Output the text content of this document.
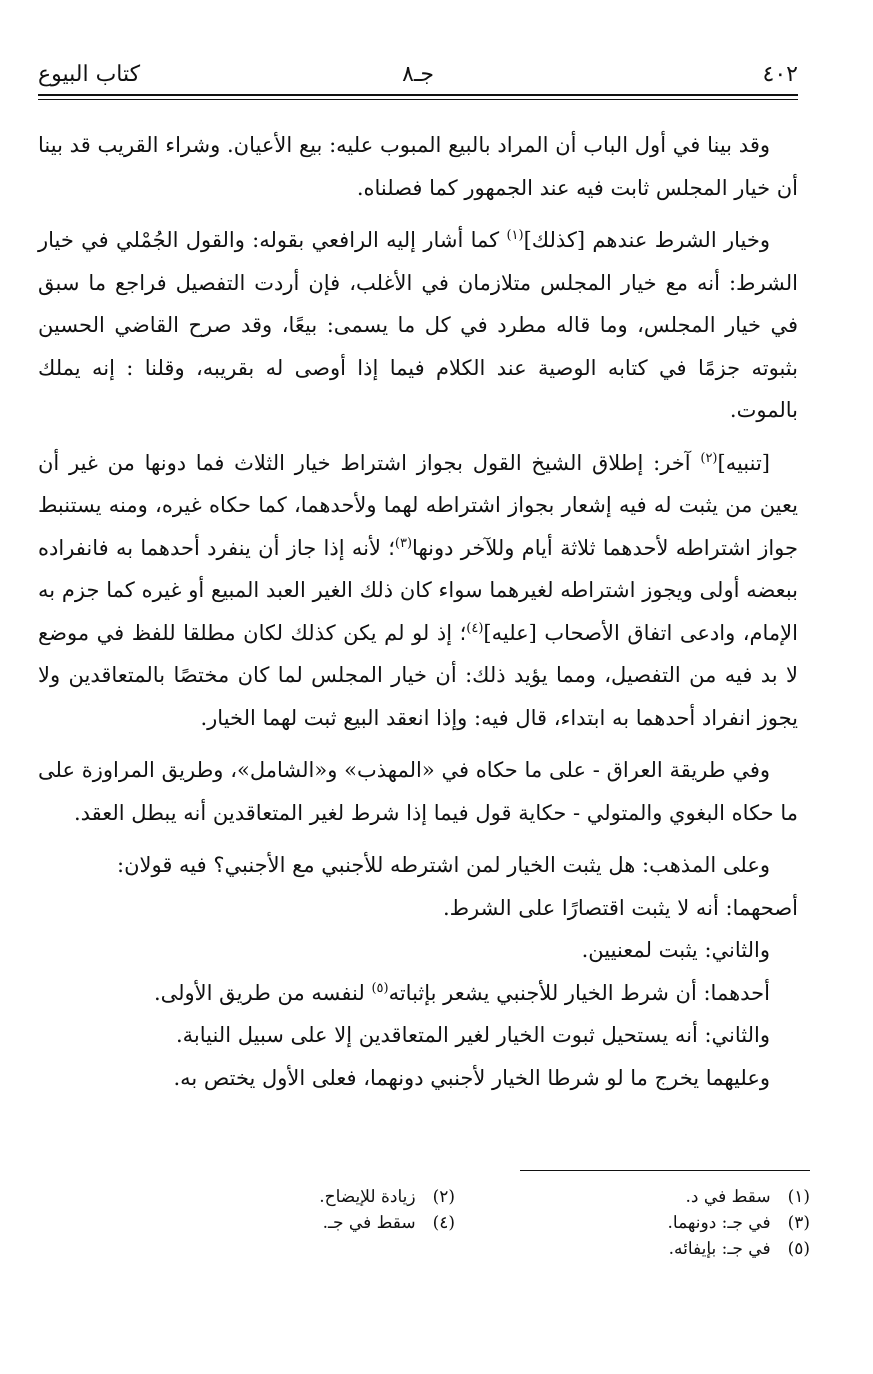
٤٠٢
جـ٨
كتاب البيوع

وقد بينا في أول الباب أن المراد بالبيع المبوب عليه: بيع الأعيان. وشراء القريب قد بينا أن خيار المجلس ثابت فيه عند الجمهور كما فصلناه.

وخيار الشرط عندهم [كذلك]$^{(١)}$ كما أشار إليه الرافعي بقوله: والقول الجُمْلي في خيار الشرط: أنه مع خيار المجلس متلازمان في الأغلب، فإن أردت التفصيل فراجع ما سبق في خيار المجلس، وما قاله مطرد في كل ما يسمى: بيعًا، وقد صرح القاضي الحسين بثبوته جزمًا في كتابه الوصية عند الكلام فيما إذا أوصى له بقريبه، وقلنا : إنه يملك بالموت.

[تنبيه]$^{(٢)}$ آخر: إطلاق الشيخ القول بجواز اشتراط خيار الثلاث فما دونها من غير أن يعين من يثبت له فيه إشعار بجواز اشتراطه لهما ولأحدهما، كما حكاه غيره، ومنه يستنبط جواز اشتراطه لأحدهما ثلاثة أيام وللآخر دونها$^{(٣)}$؛ لأنه إذا جاز أن ينفرد أحدهما به فانفراده ببعضه أولى ويجوز اشتراطه لغيرهما سواء كان ذلك الغير العبد المبيع أو غيره كما جزم به الإمام، وادعى اتفاق الأصحاب [عليه]$^{(٤)}$؛ إذ لو لم يكن كذلك لكان مطلقا للفظ في موضع لا بد فيه من التفصيل، ومما يؤيد ذلك: أن خيار المجلس لما كان مختصًا بالمتعاقدين ولا يجوز انفراد أحدهما به ابتداء، قال فيه: وإذا انعقد البيع ثبت لهما الخيار.

وفي طريقة العراق - على ما حكاه في «المهذب» و«الشامل»، وطريق المراوزة على ما حكاه البغوي والمتولي - حكاية قول فيما إذا شرط لغير المتعاقدين أنه يبطل العقد.

وعلى المذهب: هل يثبت الخيار لمن اشترطه للأجنبي مع الأجنبي؟ فيه قولان:

أصحهما: أنه لا يثبت اقتصارًا على الشرط.

والثاني: يثبت لمعنيين.

أحدهما: أن شرط الخيار للأجنبي يشعر بإثباته$^{(٥)}$ لنفسه من طريق الأولى.

والثاني: أنه يستحيل ثبوت الخيار لغير المتعاقدين إلا على سبيل النيابة.

وعليهما يخرج ما لو شرطا الخيار لأجنبي دونهما، فعلى الأول يختص به.

(١) سقط في د.
(٢) زيادة للإيضاح.
(٣) في جـ: دونهما.
(٤) سقط في جـ.
(٥) في جـ: بإيفائه.
